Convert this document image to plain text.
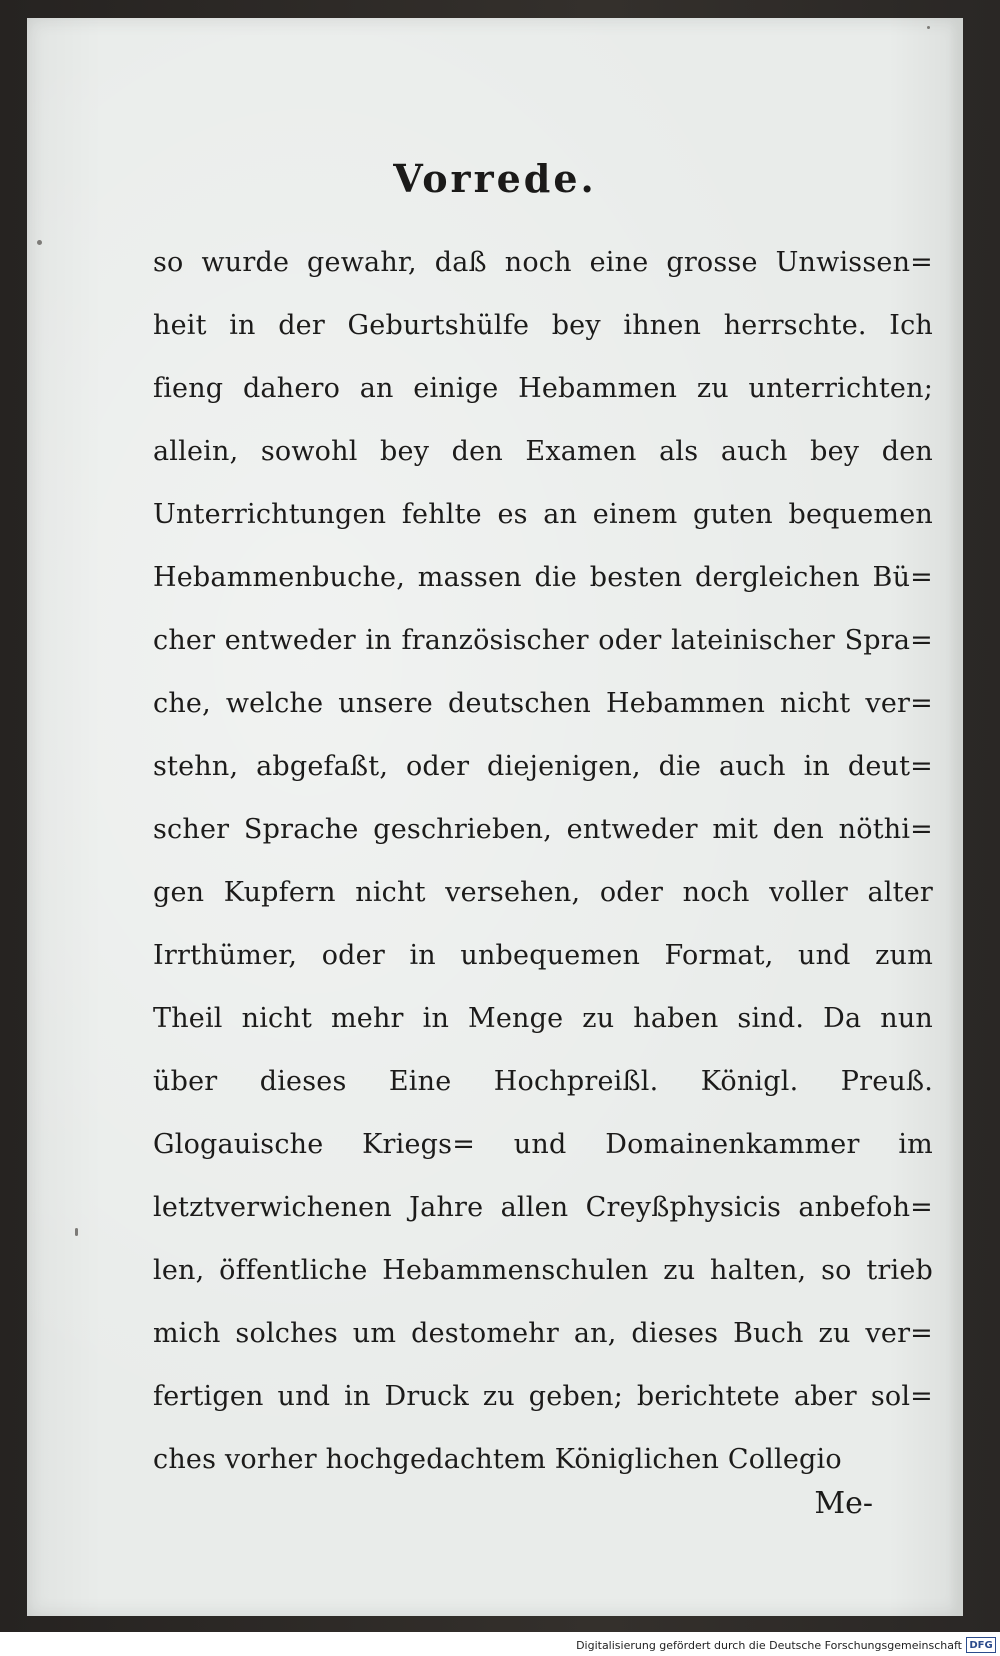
Vorrede.
so wurde gewahr, daß noch eine grosse Unwissen=
heit in der Geburtshülfe bey ihnen herrschte. Ich
fieng dahero an einige Hebammen zu unterrichten;
allein, sowohl bey den Examen als auch bey den
Unterrichtungen fehlte es an einem guten bequemen
Hebammenbuche, massen die besten dergleichen Bü=
cher entweder in französischer oder lateinischer Spra=
che, welche unsere deutschen Hebammen nicht ver=
stehn, abgefaßt, oder diejenigen, die auch in deut=
scher Sprache geschrieben, entweder mit den nöthi=
gen Kupfern nicht versehen, oder noch voller alter
Irrthümer, oder in unbequemen Format, und zum
Theil nicht mehr in Menge zu haben sind. Da nun
über dieses Eine Hochpreißl. Königl. Preuß.
Glogauische Kriegs= und Domainenkammer im
letztverwichenen Jahre allen Creyßphysicis anbefoh=
len, öffentliche Hebammenschulen zu halten, so trieb
mich solches um destomehr an, dieses Buch zu ver=
fertigen und in Druck zu geben; berichtete aber sol=
ches vorher hochgedachtem Königlichen Collegio
Me-
Digitalisierung gefördert durch die Deutsche Forschungsgemeinschaft DFG
